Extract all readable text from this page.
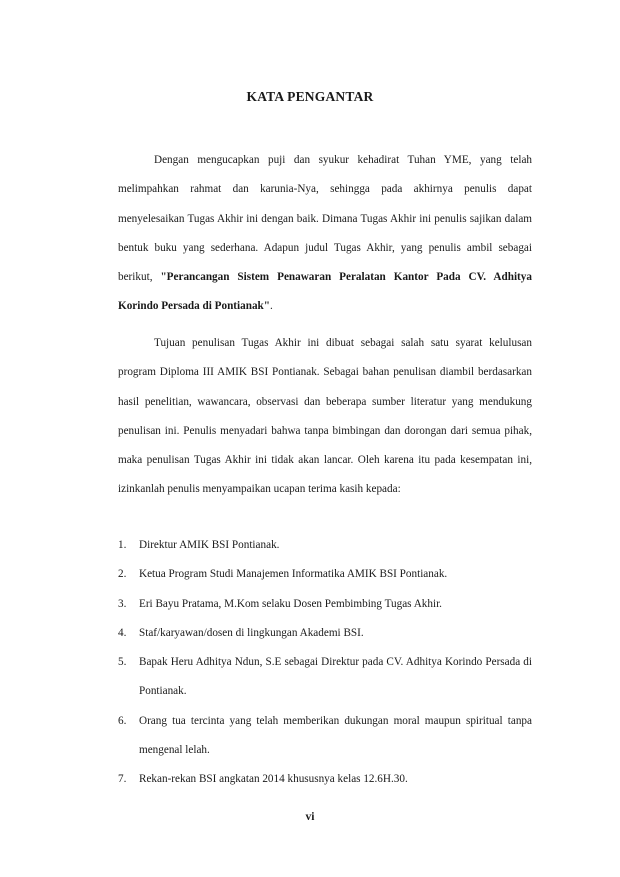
KATA PENGANTAR

Dengan mengucapkan puji dan syukur kehadirat Tuhan YME, yang telah melimpahkan rahmat dan karunia-Nya, sehingga pada akhirnya penulis dapat menyelesaikan Tugas Akhir ini dengan baik. Dimana Tugas Akhir ini penulis sajikan dalam bentuk buku yang sederhana. Adapun judul Tugas Akhir, yang penulis ambil sebagai berikut, "Perancangan Sistem Penawaran Peralatan Kantor Pada CV. Adhitya Korindo Persada di Pontianak".

Tujuan penulisan Tugas Akhir ini dibuat sebagai salah satu syarat kelulusan program Diploma III AMIK BSI Pontianak. Sebagai bahan penulisan diambil berdasarkan hasil penelitian, wawancara, observasi dan beberapa sumber literatur yang mendukung penulisan ini. Penulis menyadari bahwa tanpa bimbingan dan dorongan dari semua pihak, maka penulisan Tugas Akhir ini tidak akan lancar. Oleh karena itu pada kesempatan ini, izinkanlah penulis menyampaikan ucapan terima kasih kepada:

1. Direktur AMIK BSI Pontianak.
2. Ketua Program Studi Manajemen Informatika AMIK BSI Pontianak.
3. Eri Bayu Pratama, M.Kom selaku Dosen Pembimbing Tugas Akhir.
4. Staf/karyawan/dosen di lingkungan Akademi BSI.
5. Bapak Heru Adhitya Ndun, S.E sebagai Direktur pada CV. Adhitya Korindo Persada di Pontianak.
6. Orang tua tercinta yang telah memberikan dukungan moral maupun spiritual tanpa mengenal lelah.
7. Rekan-rekan BSI angkatan 2014 khususnya kelas 12.6H.30.
vi
